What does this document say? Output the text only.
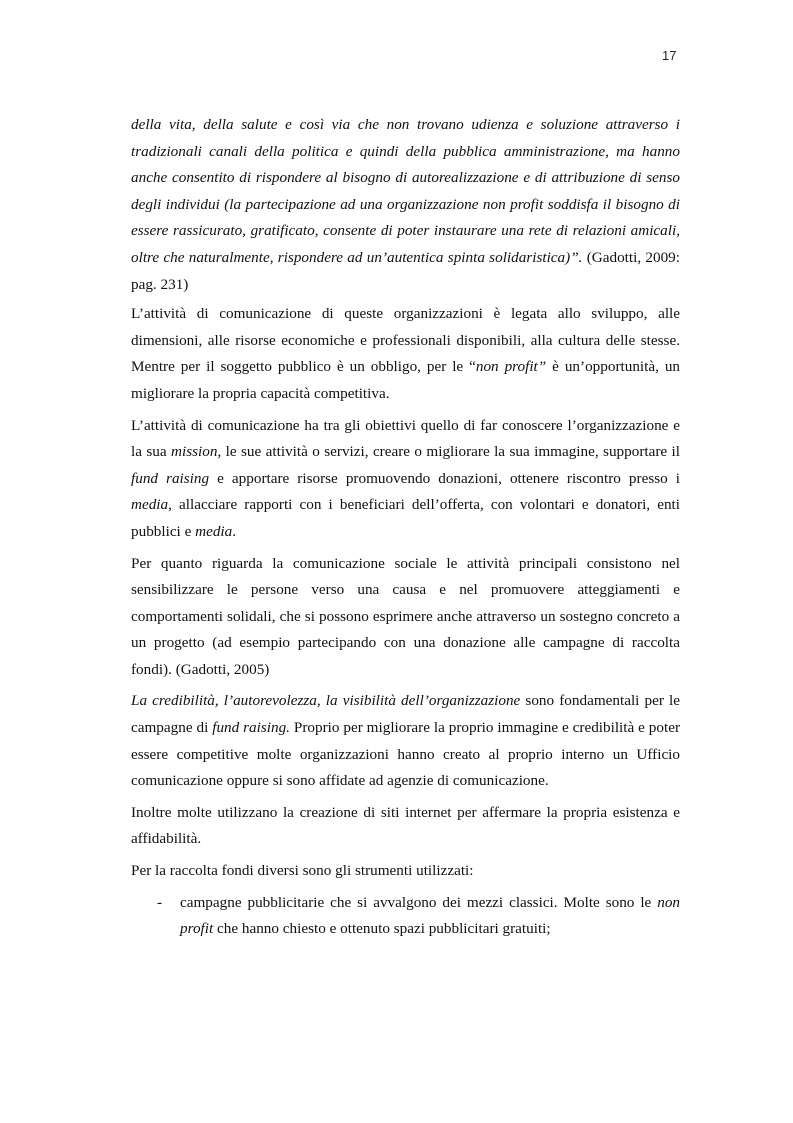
17

della vita, della salute e così via che non trovano udienza e soluzione attraverso i tradizionali canali della politica e quindi della pubblica amministrazione, ma hanno anche consentito di rispondere al bisogno di autorealizzazione e di attribuzione di senso degli individui (la partecipazione ad una organizzazione non profit soddisfa il bisogno di essere rassicurato, gratificato, consente di poter instaurare una rete di relazioni amicali, oltre che naturalmente, rispondere ad un’autentica spinta solidaristica)”. (Gadotti, 2009: pag. 231)

L’attività di comunicazione di queste organizzazioni è legata allo sviluppo, alle dimensioni, alle risorse economiche e professionali disponibili, alla cultura delle stesse. Mentre per il soggetto pubblico è un obbligo, per le “non profit” è un’opportunità, un migliorare la propria capacità competitiva.

L’attività di comunicazione ha tra gli obiettivi quello di far conoscere l’organizzazione e la sua mission, le sue attività o servizi, creare o migliorare la sua immagine, supportare il fund raising e apportare risorse promuovendo donazioni, ottenere riscontro presso i media, allacciare rapporti con i beneficiari dell’offerta, con volontari e donatori, enti pubblici e media.

Per quanto riguarda la comunicazione sociale le attività principali consistono nel sensibilizzare le persone verso una causa e nel promuovere atteggiamenti e comportamenti solidali, che si possono esprimere anche attraverso un sostegno concreto a un progetto (ad esempio partecipando con una donazione alle campagne di raccolta fondi). (Gadotti, 2005)

La credibilità, l’autorevolezza, la visibilità dell’organizzazione sono fondamentali per le campagne di fund raising. Proprio per migliorare la proprio immagine e credibilità e poter essere competitive molte organizzazioni hanno creato al proprio interno un Ufficio comunicazione oppure si sono affidate ad agenzie di comunicazione.

Inoltre molte utilizzano la creazione di siti internet per affermare la propria esistenza e affidabilità.

Per la raccolta fondi diversi sono gli strumenti utilizzati:

- campagne pubblicitarie che si avvalgono dei mezzi classici. Molte sono le non profit che hanno chiesto e ottenuto spazi pubblicitari gratuiti;
